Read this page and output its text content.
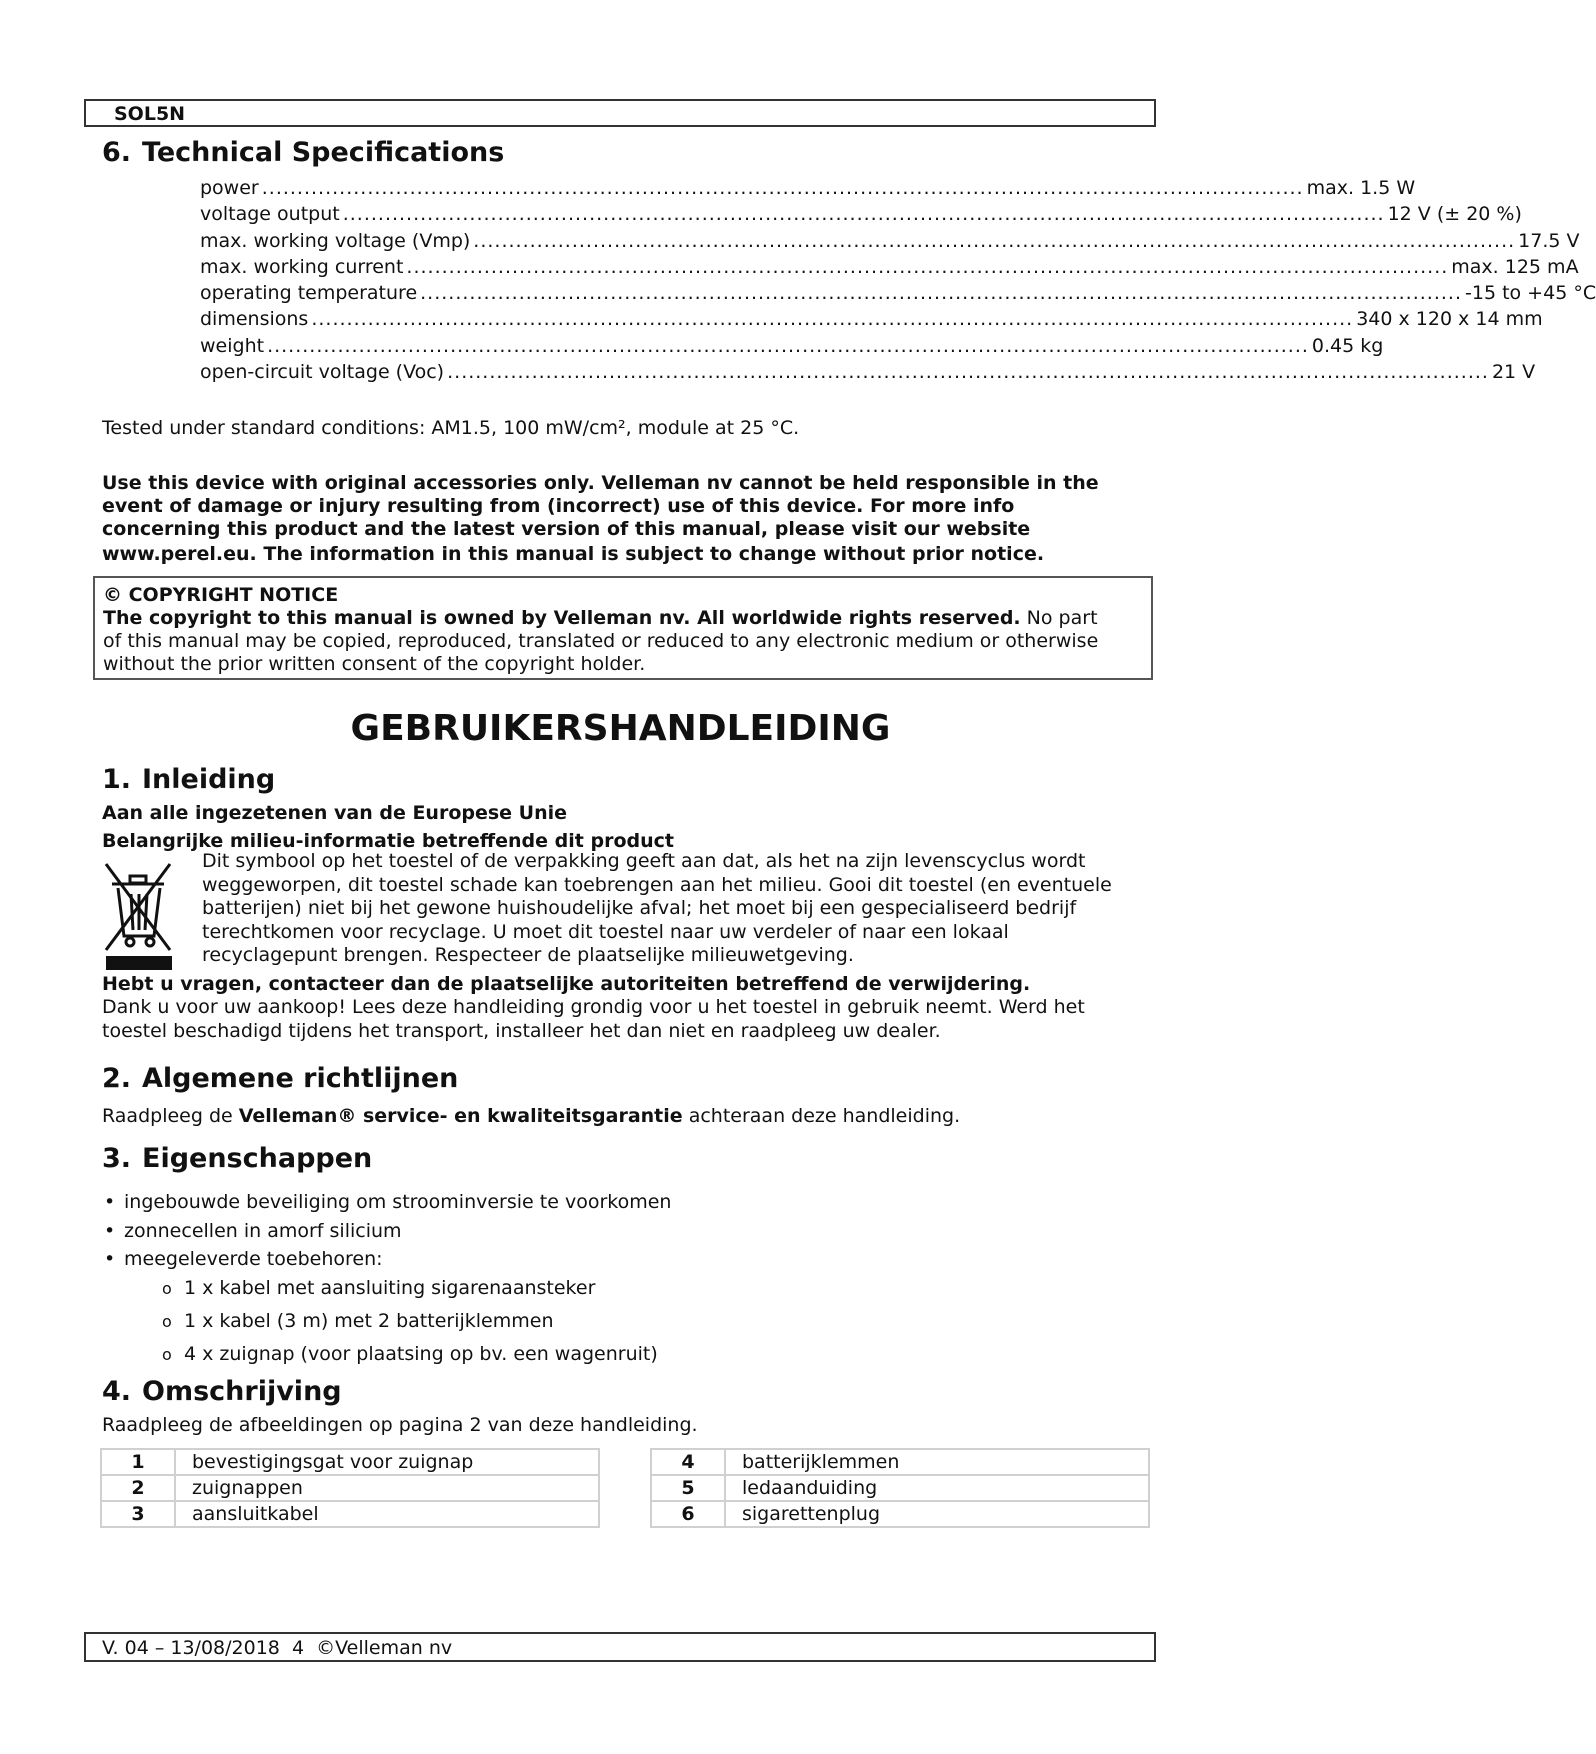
SOL5N
6. Technical Specifications
power .................................................................................................................................................... max. 1.5 W
voltage output .................................................................................................................................................... 12 V (± 20 %)
max. working voltage (Vmp) .................................................................................................................................................... 17.5 V
max. working current .................................................................................................................................................... max. 125 mA
operating temperature .................................................................................................................................................... -15 to +45 °C
dimensions .................................................................................................................................................... 340 x 120 x 14 mm
weight .................................................................................................................................................... 0.45 kg
open-circuit voltage (Voc) .................................................................................................................................................... 21 V

Tested under standard conditions: AM1.5, 100 mW/cm², module at 25 °C.

Use this device with original accessories only. Velleman nv cannot be held responsible in the
event of damage or injury resulting from (incorrect) use of this device. For more info
concerning this product and the latest version of this manual, please visit our website
www.perel.eu. The information in this manual is subject to change without prior notice.
© COPYRIGHT NOTICE
The copyright to this manual is owned by Velleman nv. All worldwide rights reserved. No part
of this manual may be copied, reproduced, translated or reduced to any electronic medium or otherwise
without the prior written consent of the copyright holder.
GEBRUIKERSHANDLEIDING
1. Inleiding

Aan alle ingezetenen van de Europese Unie

Belangrijke milieu-informatie betreffende dit product

Dit symbool op het toestel of de verpakking geeft aan dat, als het na zijn levenscyclus wordt
weggeworpen, dit toestel schade kan toebrengen aan het milieu. Gooi dit toestel (en eventuele
batterijen) niet bij het gewone huishoudelijke afval; het moet bij een gespecialiseerd bedrijf
terechtkomen voor recyclage. U moet dit toestel naar uw verdeler of naar een lokaal
recyclagepunt brengen. Respecteer de plaatselijke milieuwetgeving.

Hebt u vragen, contacteer dan de plaatselijke autoriteiten betreffend de verwijdering.

Dank u voor uw aankoop! Lees deze handleiding grondig voor u het toestel in gebruik neemt. Werd het
toestel beschadigd tijdens het transport, installeer het dan niet en raadpleeg uw dealer.
2. Algemene richtlijnen

Raadpleeg de Velleman® service- en kwaliteitsgarantie achteraan deze handleiding.

3. Eigenschappen
• ingebouwde beveiliging om stroominversie te voorkomen
• zonnecellen in amorf silicium
• meegeleverde toebehoren:
o 1 x kabel met aansluiting sigarenaansteker
o 1 x kabel (3 m) met 2 batterijklemmen
o 4 x zuignap (voor plaatsing op bv. een wagenruit)
4. Omschrijving

Raadpleeg de afbeeldingen op pagina 2 van deze handleiding.

1	bevestigingsgat voor zuignap
2	zuignappen
3	aansluitkabel
4	batterijklemmen
5	ledaanduiding
6	sigarettenplug
V. 04 – 13/08/2018  4  ©Velleman nv
